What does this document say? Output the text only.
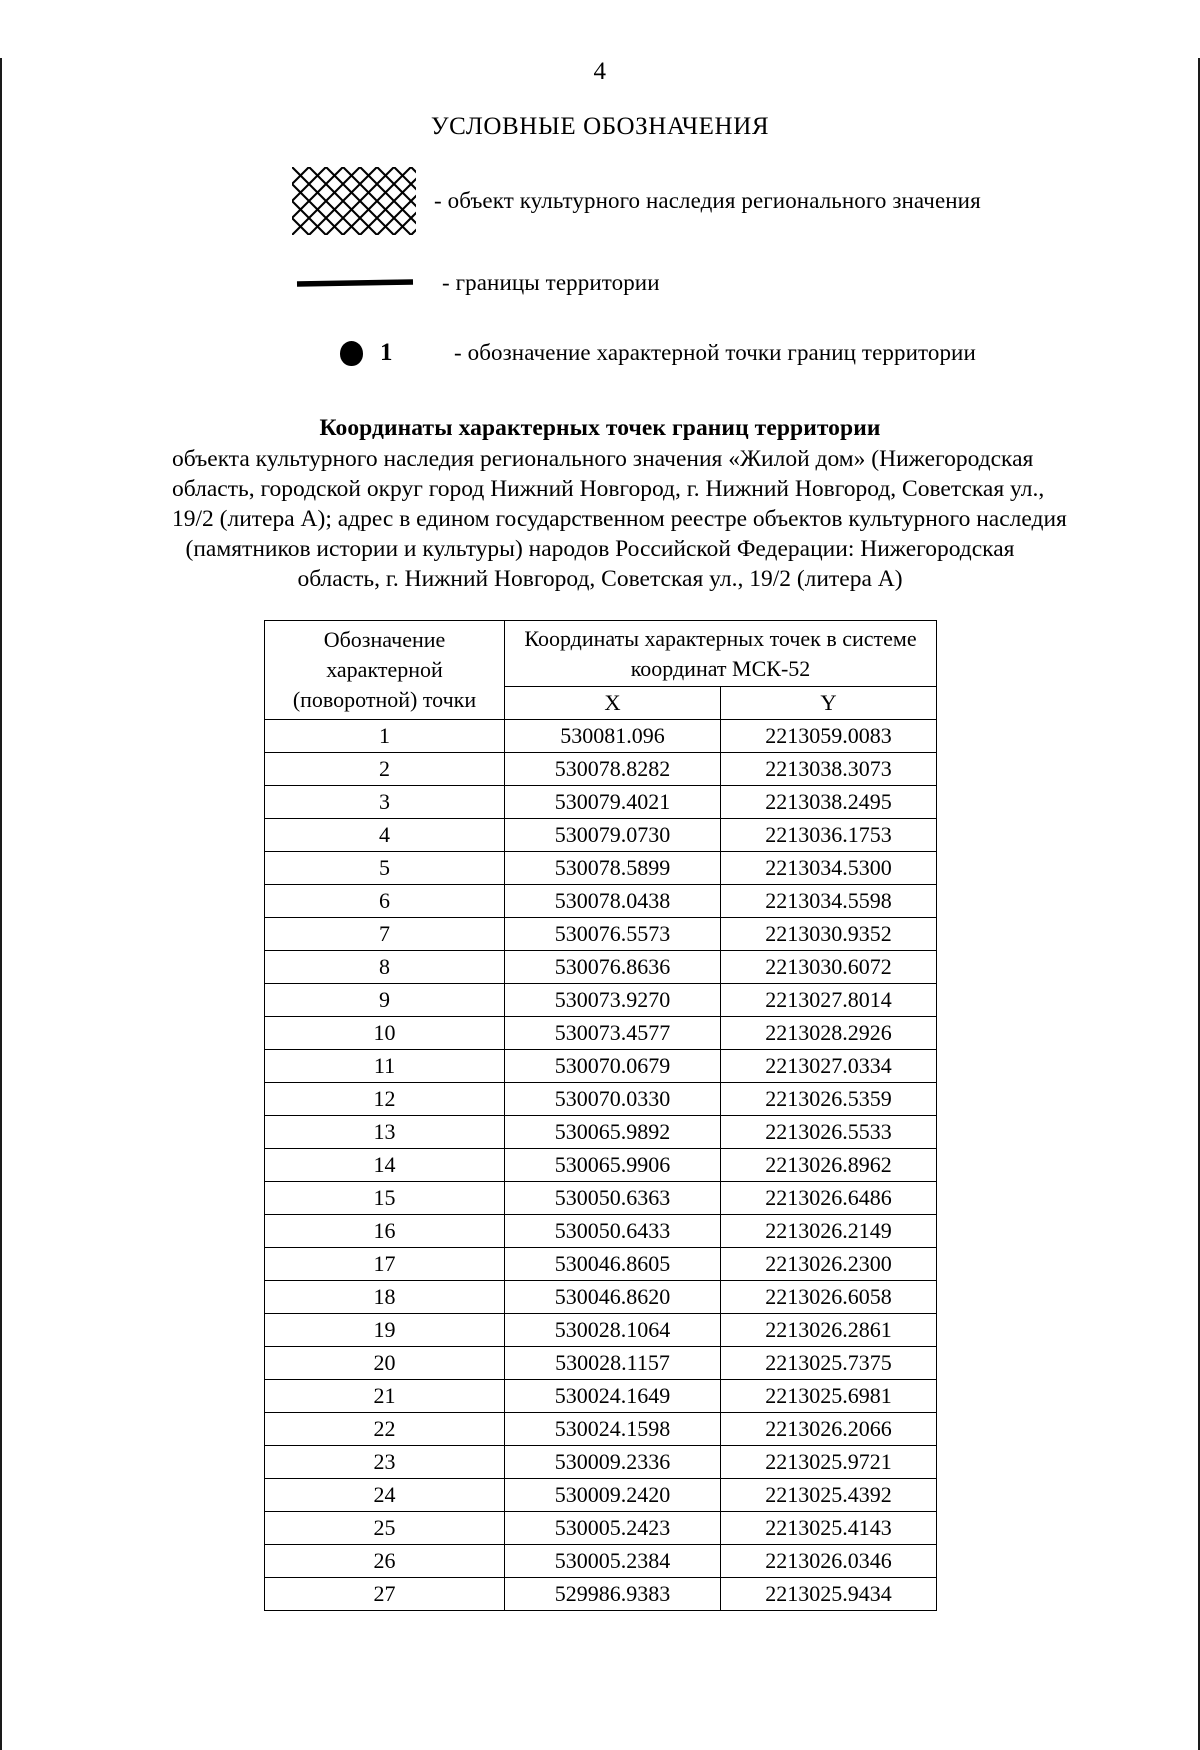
4
УСЛОВНЫЕ ОБОЗНАЧЕНИЯ
- объект культурного наследия регионального значения
- границы территории
1	- обозначение характерной точки границ территории
Координаты характерных точек границ территории
объекта культурного наследия регионального значения «Жилой дом» (Нижегородская
область, городской округ город Нижний Новгород, г. Нижний Новгород, Советская ул.,
19/2 (литера А); адрес в едином государственном реестре объектов культурного наследия
(памятников истории и культуры) народов Российской Федерации: Нижегородская
область, г. Нижний Новгород, Советская ул., 19/2 (литера А)
Обозначение
характерной
(поворотной) точки

Координаты характерных точек в системе
координат МСК-52

	X	Y
1	530081.096	2213059.0083
2	530078.8282	2213038.3073
3	530079.4021	2213038.2495
4	530079.0730	2213036.1753
5	530078.5899	2213034.5300
6	530078.0438	2213034.5598
7	530076.5573	2213030.9352
8	530076.8636	2213030.6072
9	530073.9270	2213027.8014
10	530073.4577	2213028.2926
11	530070.0679	2213027.0334
12	530070.0330	2213026.5359
13	530065.9892	2213026.5533
14	530065.9906	2213026.8962
15	530050.6363	2213026.6486
16	530050.6433	2213026.2149
17	530046.8605	2213026.2300
18	530046.8620	2213026.6058
19	530028.1064	2213026.2861
20	530028.1157	2213025.7375
21	530024.1649	2213025.6981
22	530024.1598	2213026.2066
23	530009.2336	2213025.9721
24	530009.2420	2213025.4392
25	530005.2423	2213025.4143
26	530005.2384	2213026.0346
27	529986.9383	2213025.9434
